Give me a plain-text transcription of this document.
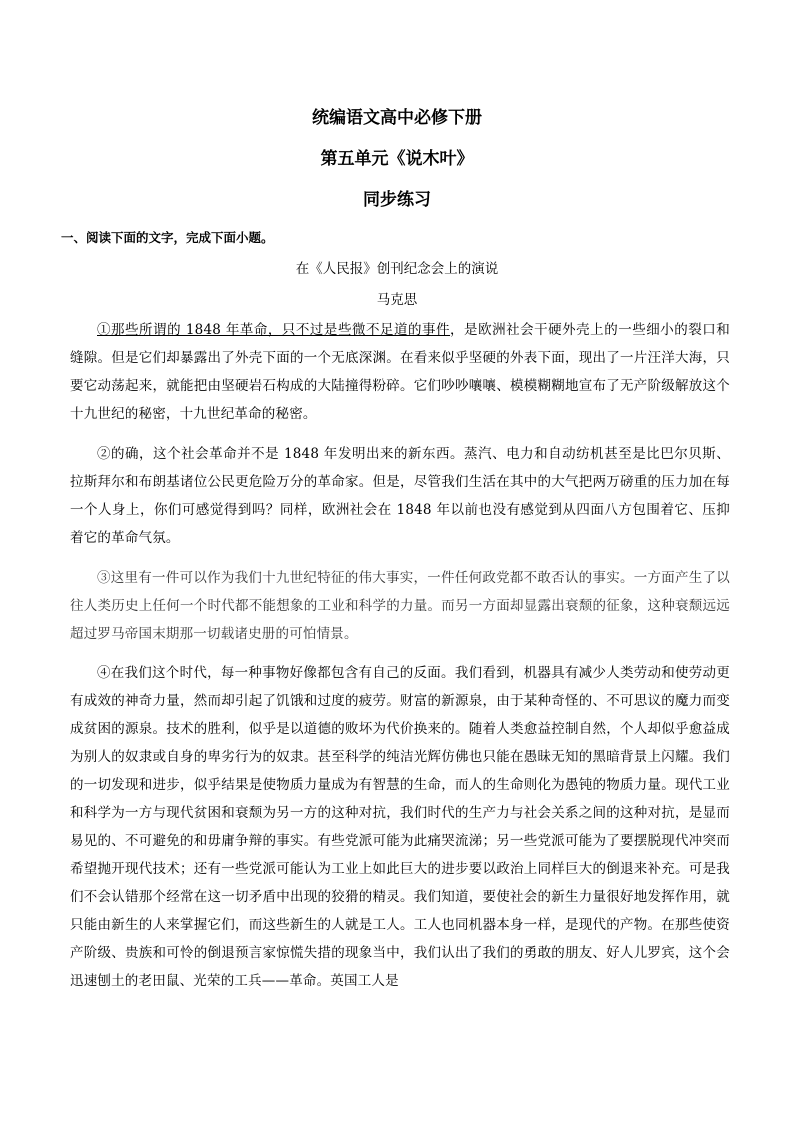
统编语文高中必修下册
第五单元《说木叶》
同步练习

一、阅读下面的文字，完成下面小题。

在《人民报》创刊纪念会上的演说

马克思

①那些所谓的 1848 年革命，只不过是些微不足道的事件，是欧洲社会干硬外壳上的一些细小的裂口和缝隙。但是它们却暴露出了外壳下面的一个无底深渊。在看来似乎坚硬的外表下面，现出了一片汪洋大海，只要它动荡起来，就能把由坚硬岩石构成的大陆撞得粉碎。它们吵吵嚷嚷、模模糊糊地宣布了无产阶级解放这个十九世纪的秘密，十九世纪革命的秘密。

②的确，这个社会革命并不是 1848 年发明出来的新东西。蒸汽、电力和自动纺机甚至是比巴尔贝斯、拉斯拜尔和布朗基诸位公民更危险万分的革命家。但是，尽管我们生活在其中的大气把两万磅重的压力加在每一个人身上，你们可感觉得到吗？同样，欧洲社会在 1848 年以前也没有感觉到从四面八方包围着它、压抑着它的革命气氛。

③这里有一件可以作为我们十九世纪特征的伟大事实，一件任何政党都不敢否认的事实。一方面产生了以往人类历史上任何一个时代都不能想象的工业和科学的力量。而另一方面却显露出衰颓的征象，这种衰颓远远超过罗马帝国末期那一切载诸史册的可怕情景。

④在我们这个时代，每一种事物好像都包含有自己的反面。我们看到，机器具有减少人类劳动和使劳动更有成效的神奇力量，然而却引起了饥饿和过度的疲劳。财富的新源泉，由于某种奇怪的、不可思议的魔力而变成贫困的源泉。技术的胜利，似乎是以道德的败坏为代价换来的。随着人类愈益控制自然，个人却似乎愈益成为别人的奴隶或自身的卑劣行为的奴隶。甚至科学的纯洁光辉仿佛也只能在愚昧无知的黑暗背景上闪耀。我们的一切发现和进步，似乎结果是使物质力量成为有智慧的生命，而人的生命则化为愚钝的物质力量。现代工业和科学为一方与现代贫困和衰颓为另一方的这种对抗，我们时代的生产力与社会关系之间的这种对抗，是显而易见的、不可避免的和毋庸争辩的事实。有些党派可能为此痛哭流涕；另一些党派可能为了要摆脱现代冲突而希望抛开现代技术；还有一些党派可能认为工业上如此巨大的进步要以政治上同样巨大的倒退来补充。可是我们不会认错那个经常在这一切矛盾中出现的狡猾的精灵。我们知道，要使社会的新生力量很好地发挥作用，就只能由新生的人来掌握它们，而这些新生的人就是工人。工人也同机器本身一样，是现代的产物。在那些使资产阶级、贵族和可怜的倒退预言家惊慌失措的现象当中，我们认出了我们的勇敢的朋友、好人儿罗宾，这个会迅速刨土的老田鼠、光荣的工兵——革命。英国工人是
